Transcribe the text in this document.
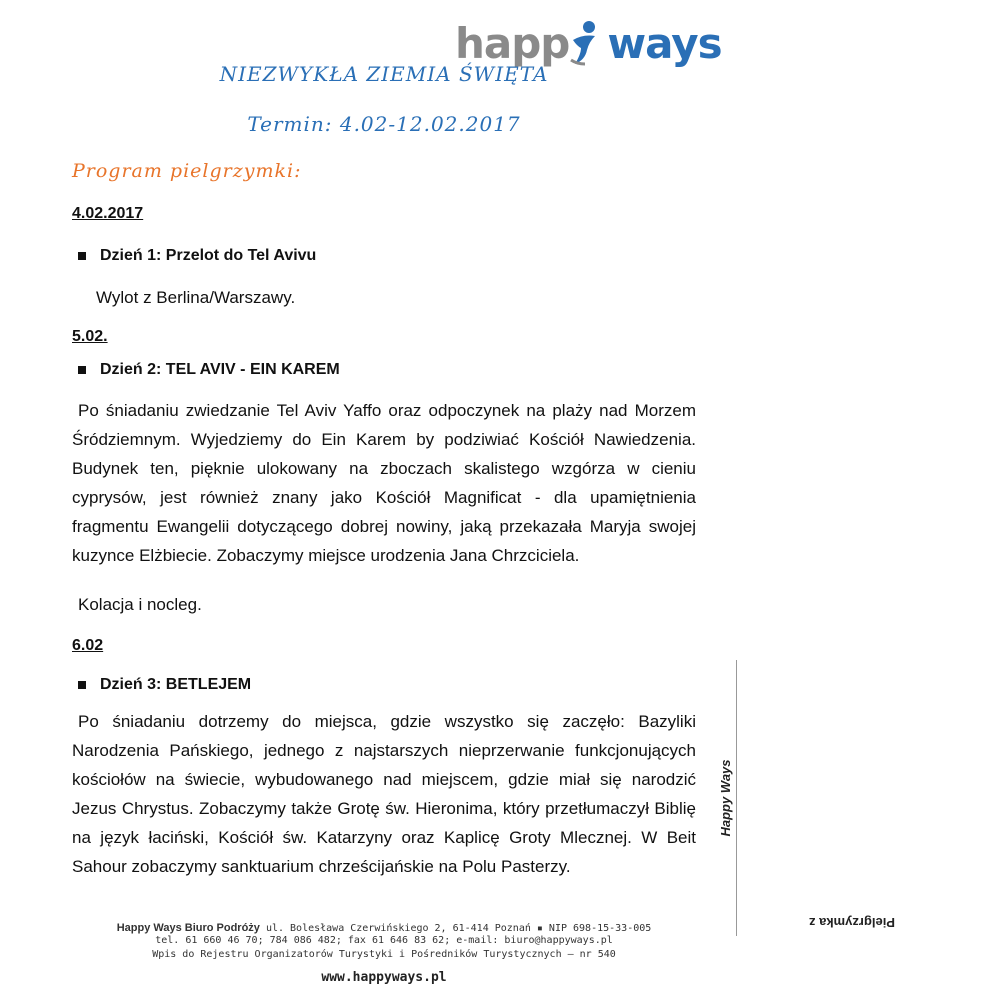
happ ways
NIEZWYKŁA ZIEMIA ŚWIĘTA
Termin: 4.02-12.02.2017
Program pielgrzymki:
4.02.2017
Dzień 1: Przelot do Tel Avivu
Wylot z Berlina/Warszawy.
5.02.
Dzień 2: TEL AVIV - EIN KAREM
Po śniadaniu zwiedzanie Tel Aviv Yaffo oraz odpoczynek na plaży nad Morzem Śródziemnym. Wyjedziemy do Ein Karem by podziwiać Kościół Nawiedzenia. Budynek ten, pięknie ulokowany na zboczach skalistego wzgórza w cieniu cyprysów, jest również znany jako Kościół Magnificat - dla upamiętnienia fragmentu Ewangelii dotyczącego dobrej nowiny, jaką przekazała Maryja swojej kuzynce Elżbiecie. Zobaczymy miejsce urodzenia Jana Chrzciciela.
Kolacja i nocleg.
6.02
Dzień 3: BETLEJEM
Po śniadaniu dotrzemy do miejsca, gdzie wszystko się zaczęło: Bazyliki Narodzenia Pańskiego, jednego z najstarszych nieprzerwanie funkcjonujących kościołów na świecie, wybudowanego nad miejscem, gdzie miał się narodzić Jezus Chrystus. Zobaczymy także Grotę św. Hieronima, który przetłumaczył Biblię na język łaciński, Kościół św. Katarzyny oraz Kaplicę Groty Mlecznej. W Beit Sahour zobaczymy sanktuarium chrześcijańskie na Polu Pasterzy.
Pielgrzymka z
Happy Ways
Happy Ways Biuro Podróży ul. Bolesława Czerwińskiego 2, 61-414 Poznań ▪ NIP 698-15-33-005
tel. 61 660 46 70; 784 086 482; fax 61 646 83 62; e-mail: biuro@happyways.pl
Wpis do Rejestru Organizatorów Turystyki i Pośredników Turystycznych – nr 540
www.happyways.pl
